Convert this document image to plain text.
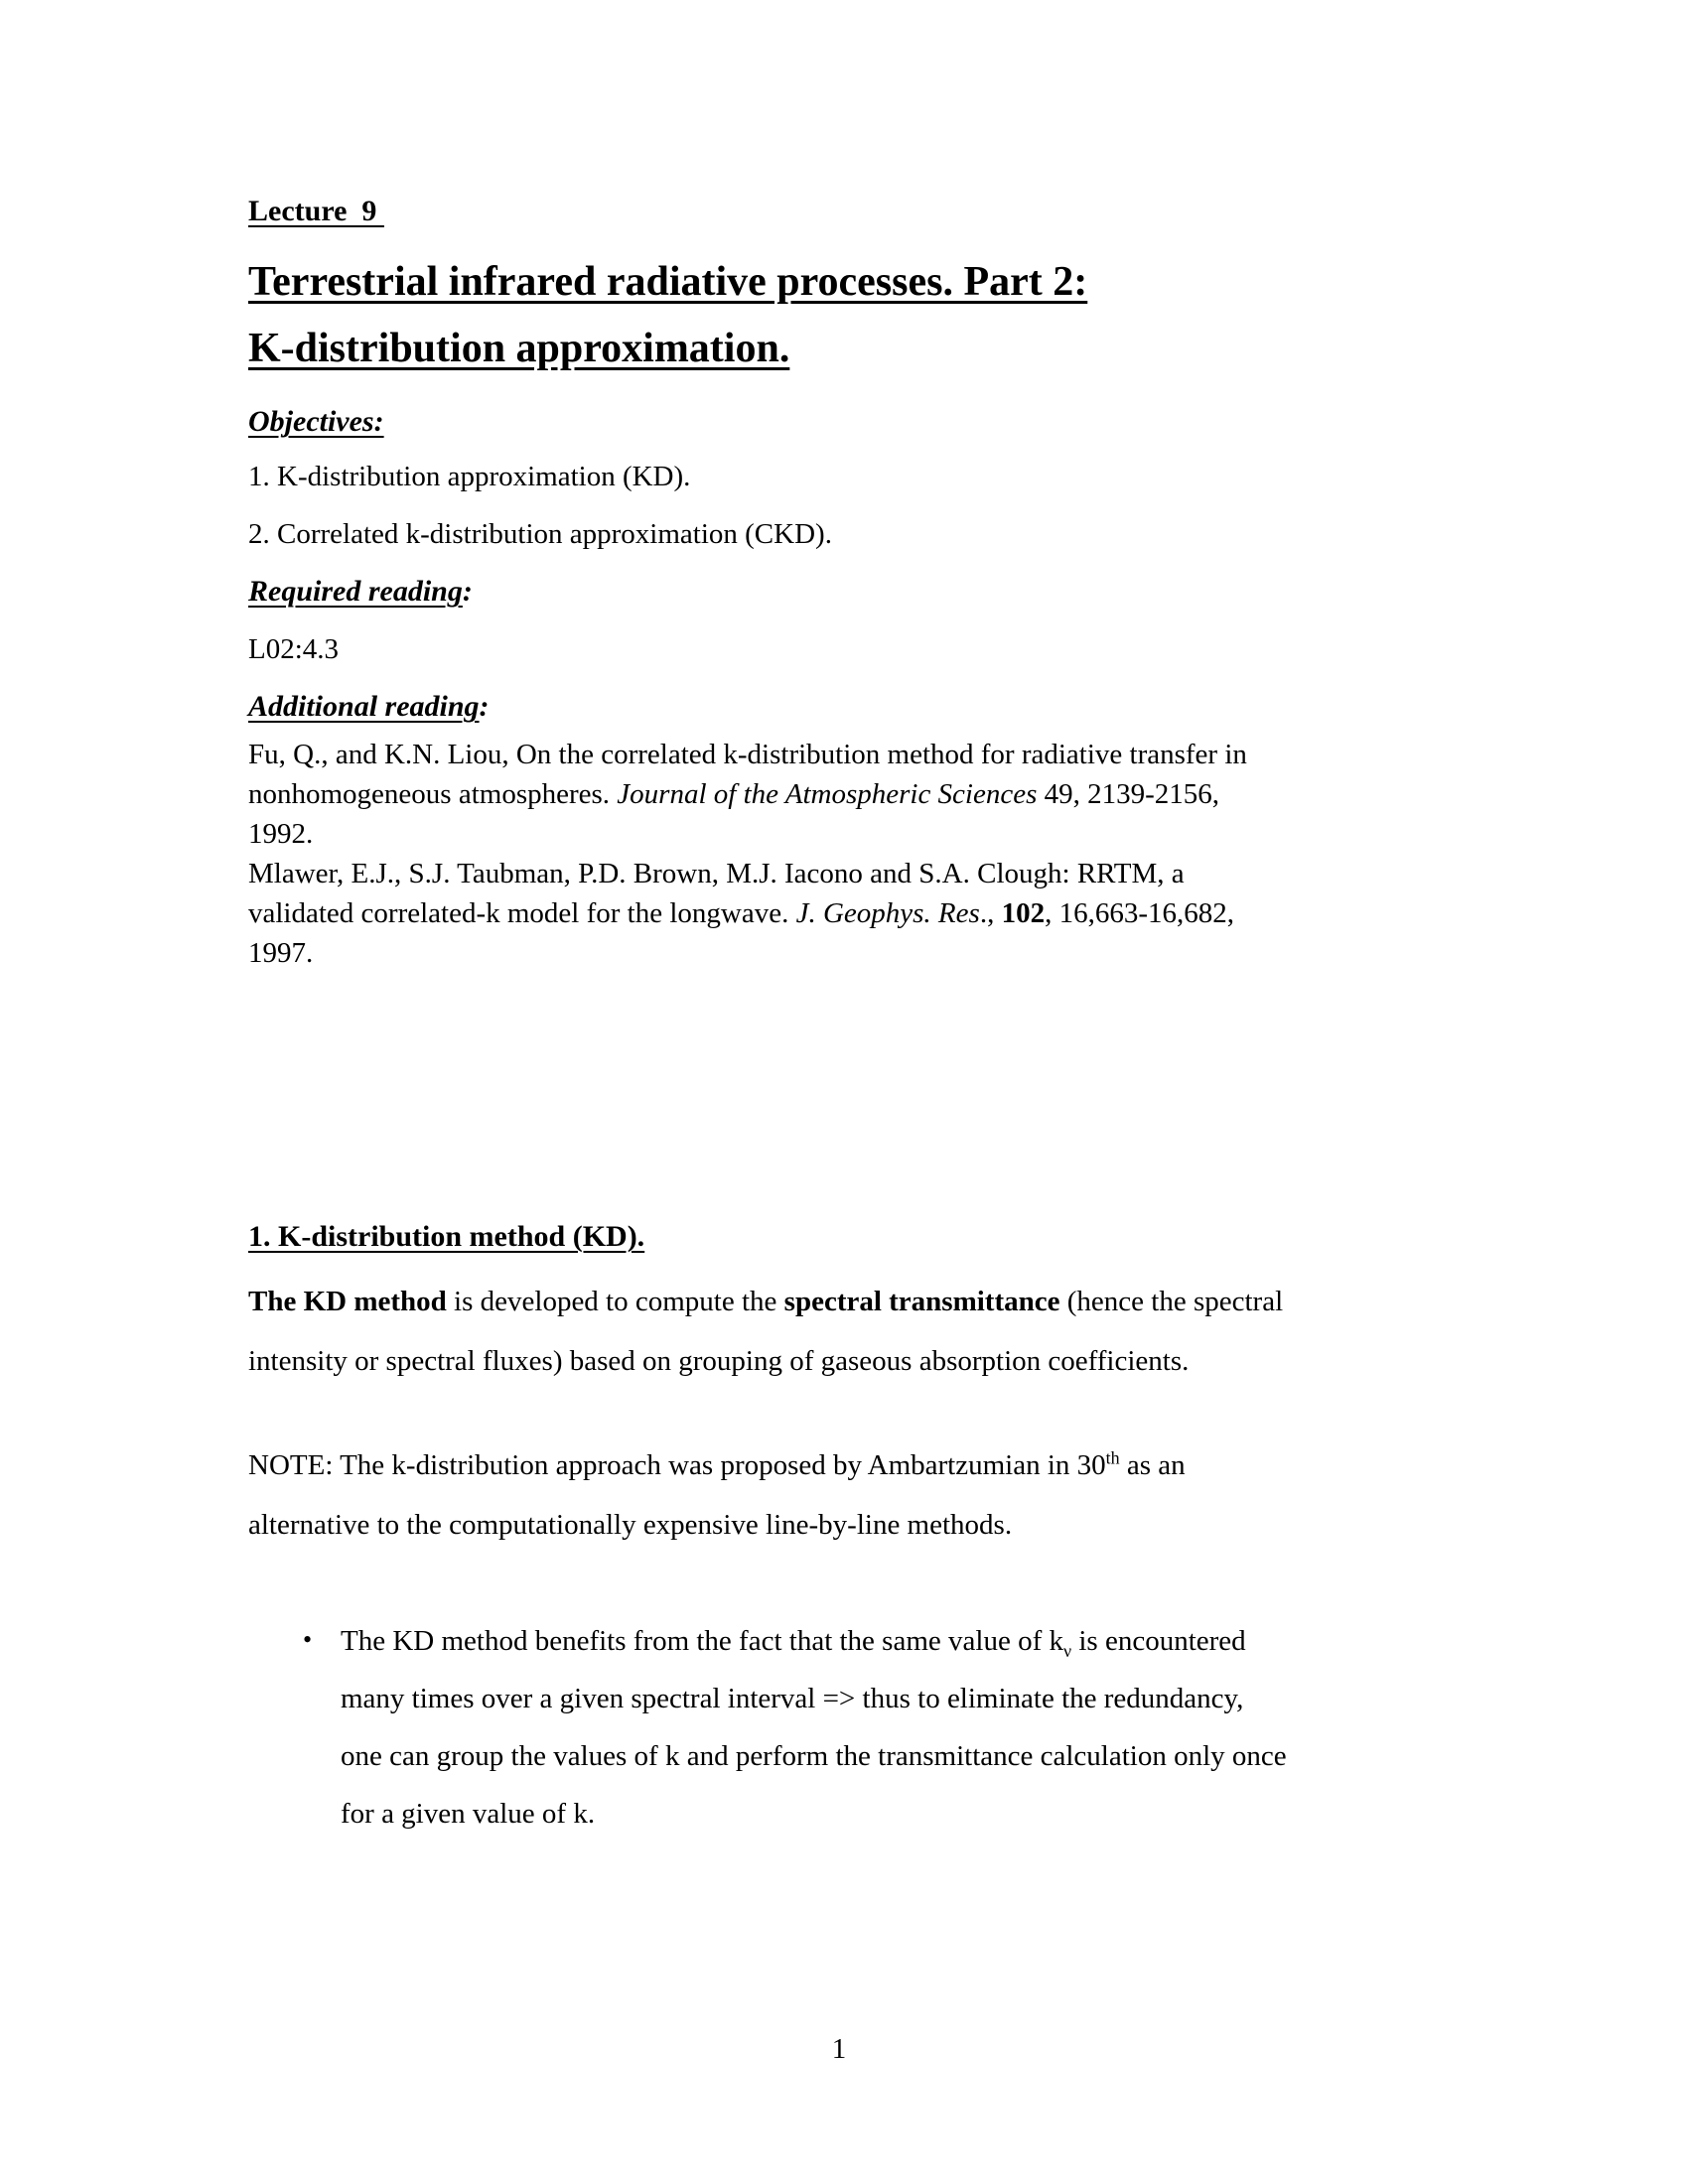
Lecture  9
Terrestrial infrared radiative processes. Part 2:
K-distribution approximation.
Objectives:

1. K-distribution approximation (KD).

2. Correlated k-distribution approximation (CKD).

Required reading:

L02:4.3

Additional reading:
Fu, Q., and K.N. Liou, On the correlated k-distribution method for radiative transfer in
nonhomogeneous atmospheres. Journal of the Atmospheric Sciences 49, 2139-2156,
1992.
Mlawer, E.J., S.J. Taubman, P.D. Brown, M.J. Iacono and S.A. Clough: RRTM, a
validated correlated-k model for the longwave. J. Geophys. Res., 102, 16,663-16,682,
1997.
1. K-distribution method (KD).
The KD method is developed to compute the spectral transmittance (hence the spectral
intensity or spectral fluxes) based on grouping of gaseous absorption coefficients.
NOTE: The k-distribution approach was proposed by Ambartzumian in 30th as an
alternative to the computationally expensive line-by-line methods.
• The KD method benefits from the fact that the same value of $k_\nu$ is encountered
many times over a given spectral interval => thus to eliminate the redundancy,
one can group the values of k and perform the transmittance calculation only once
for a given value of k.
1
